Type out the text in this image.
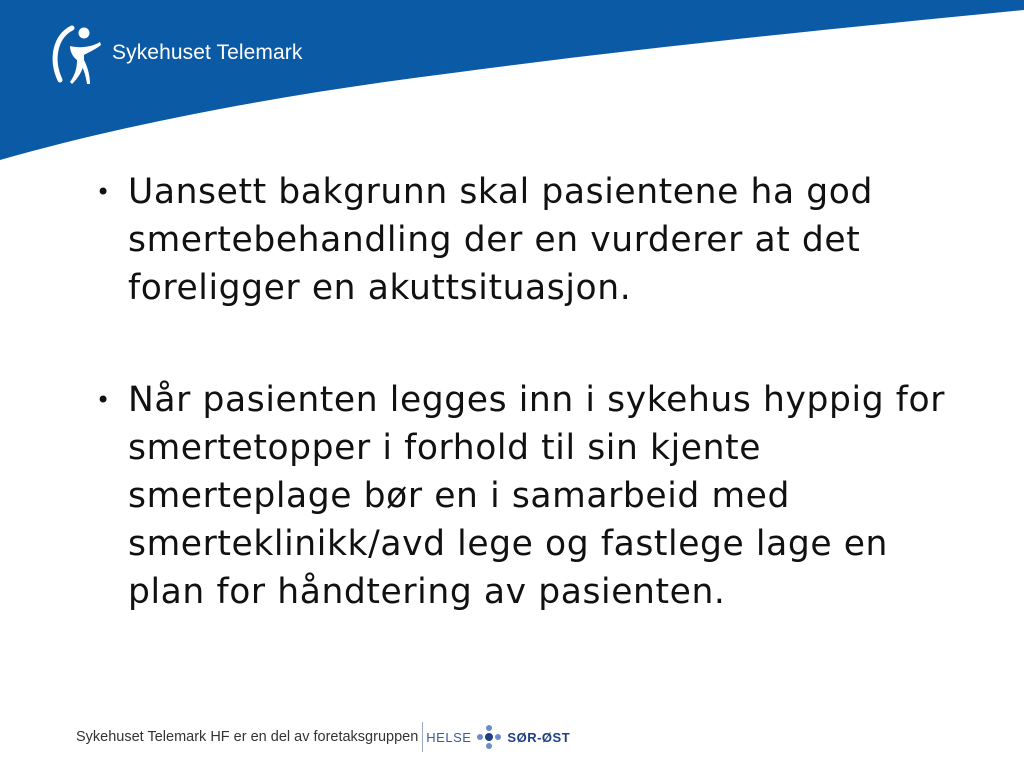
Sykehuset Telemark
• Uansett bakgrunn skal pasientene ha god smertebehandling der en vurderer at det foreligger en akuttsituasjon.
• Når pasienten legges inn i sykehus hyppig for smertetopper i forhold til sin kjente smerteplage bør en i samarbeid med smerteklinikk/avd lege og fastlege lage en plan for håndtering av pasienten.
Sykehuset Telemark HF er en del av foretaksgruppen HELSE	SØR-ØST
